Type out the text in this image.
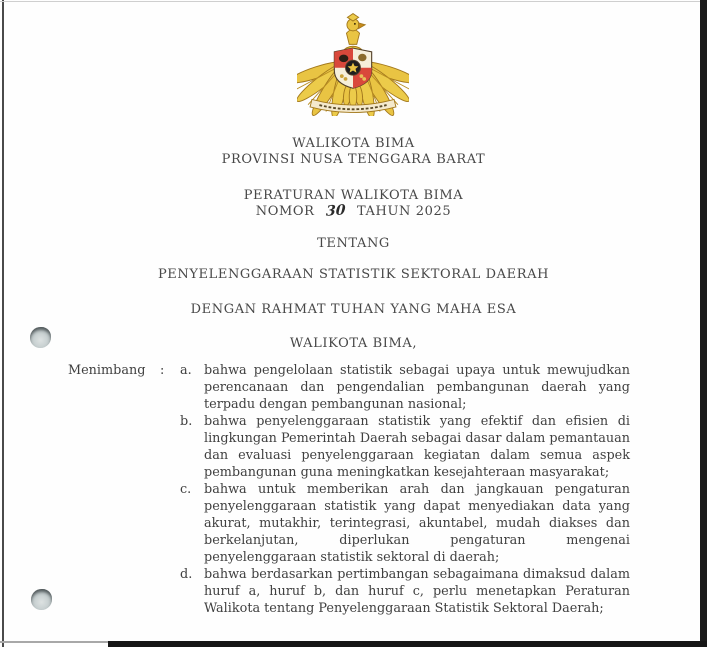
WALIKOTA BIMA
PROVINSI NUSA TENGGARA BARAT
PERATURAN WALIKOTA BIMA
NOMOR 30 TAHUN 2025
TENTANG
PENYELENGGARAAN STATISTIK SEKTORAL DAERAH
DENGAN RAHMAT TUHAN YANG MAHA ESA
WALIKOTA BIMA,
Menimbang	:	a. bahwa pengelolaan statistik sebagai upaya untuk mewujudkan perencanaan dan pengendalian pembangunan daerah yang terpadu dengan pembangunan nasional;
b. bahwa penyelenggaraan statistik yang efektif dan efisien di lingkungan Pemerintah Daerah sebagai dasar dalam pemantauan dan evaluasi penyelenggaraan kegiatan dalam semua aspek pembangunan guna meningkatkan kesejahteraan masyarakat;
c. bahwa untuk memberikan arah dan jangkauan pengaturan penyelenggaraan statistik yang dapat menyediakan data yang akurat, mutakhir, terintegrasi, akuntabel, mudah diakses dan berkelanjutan, diperlukan pengaturan mengenai penyelenggaraan statistik sektoral di daerah;
d. bahwa berdasarkan pertimbangan sebagaimana dimaksud dalam huruf a, huruf b, dan huruf c, perlu menetapkan Peraturan Walikota tentang Penyelenggaraan Statistik Sektoral Daerah;
